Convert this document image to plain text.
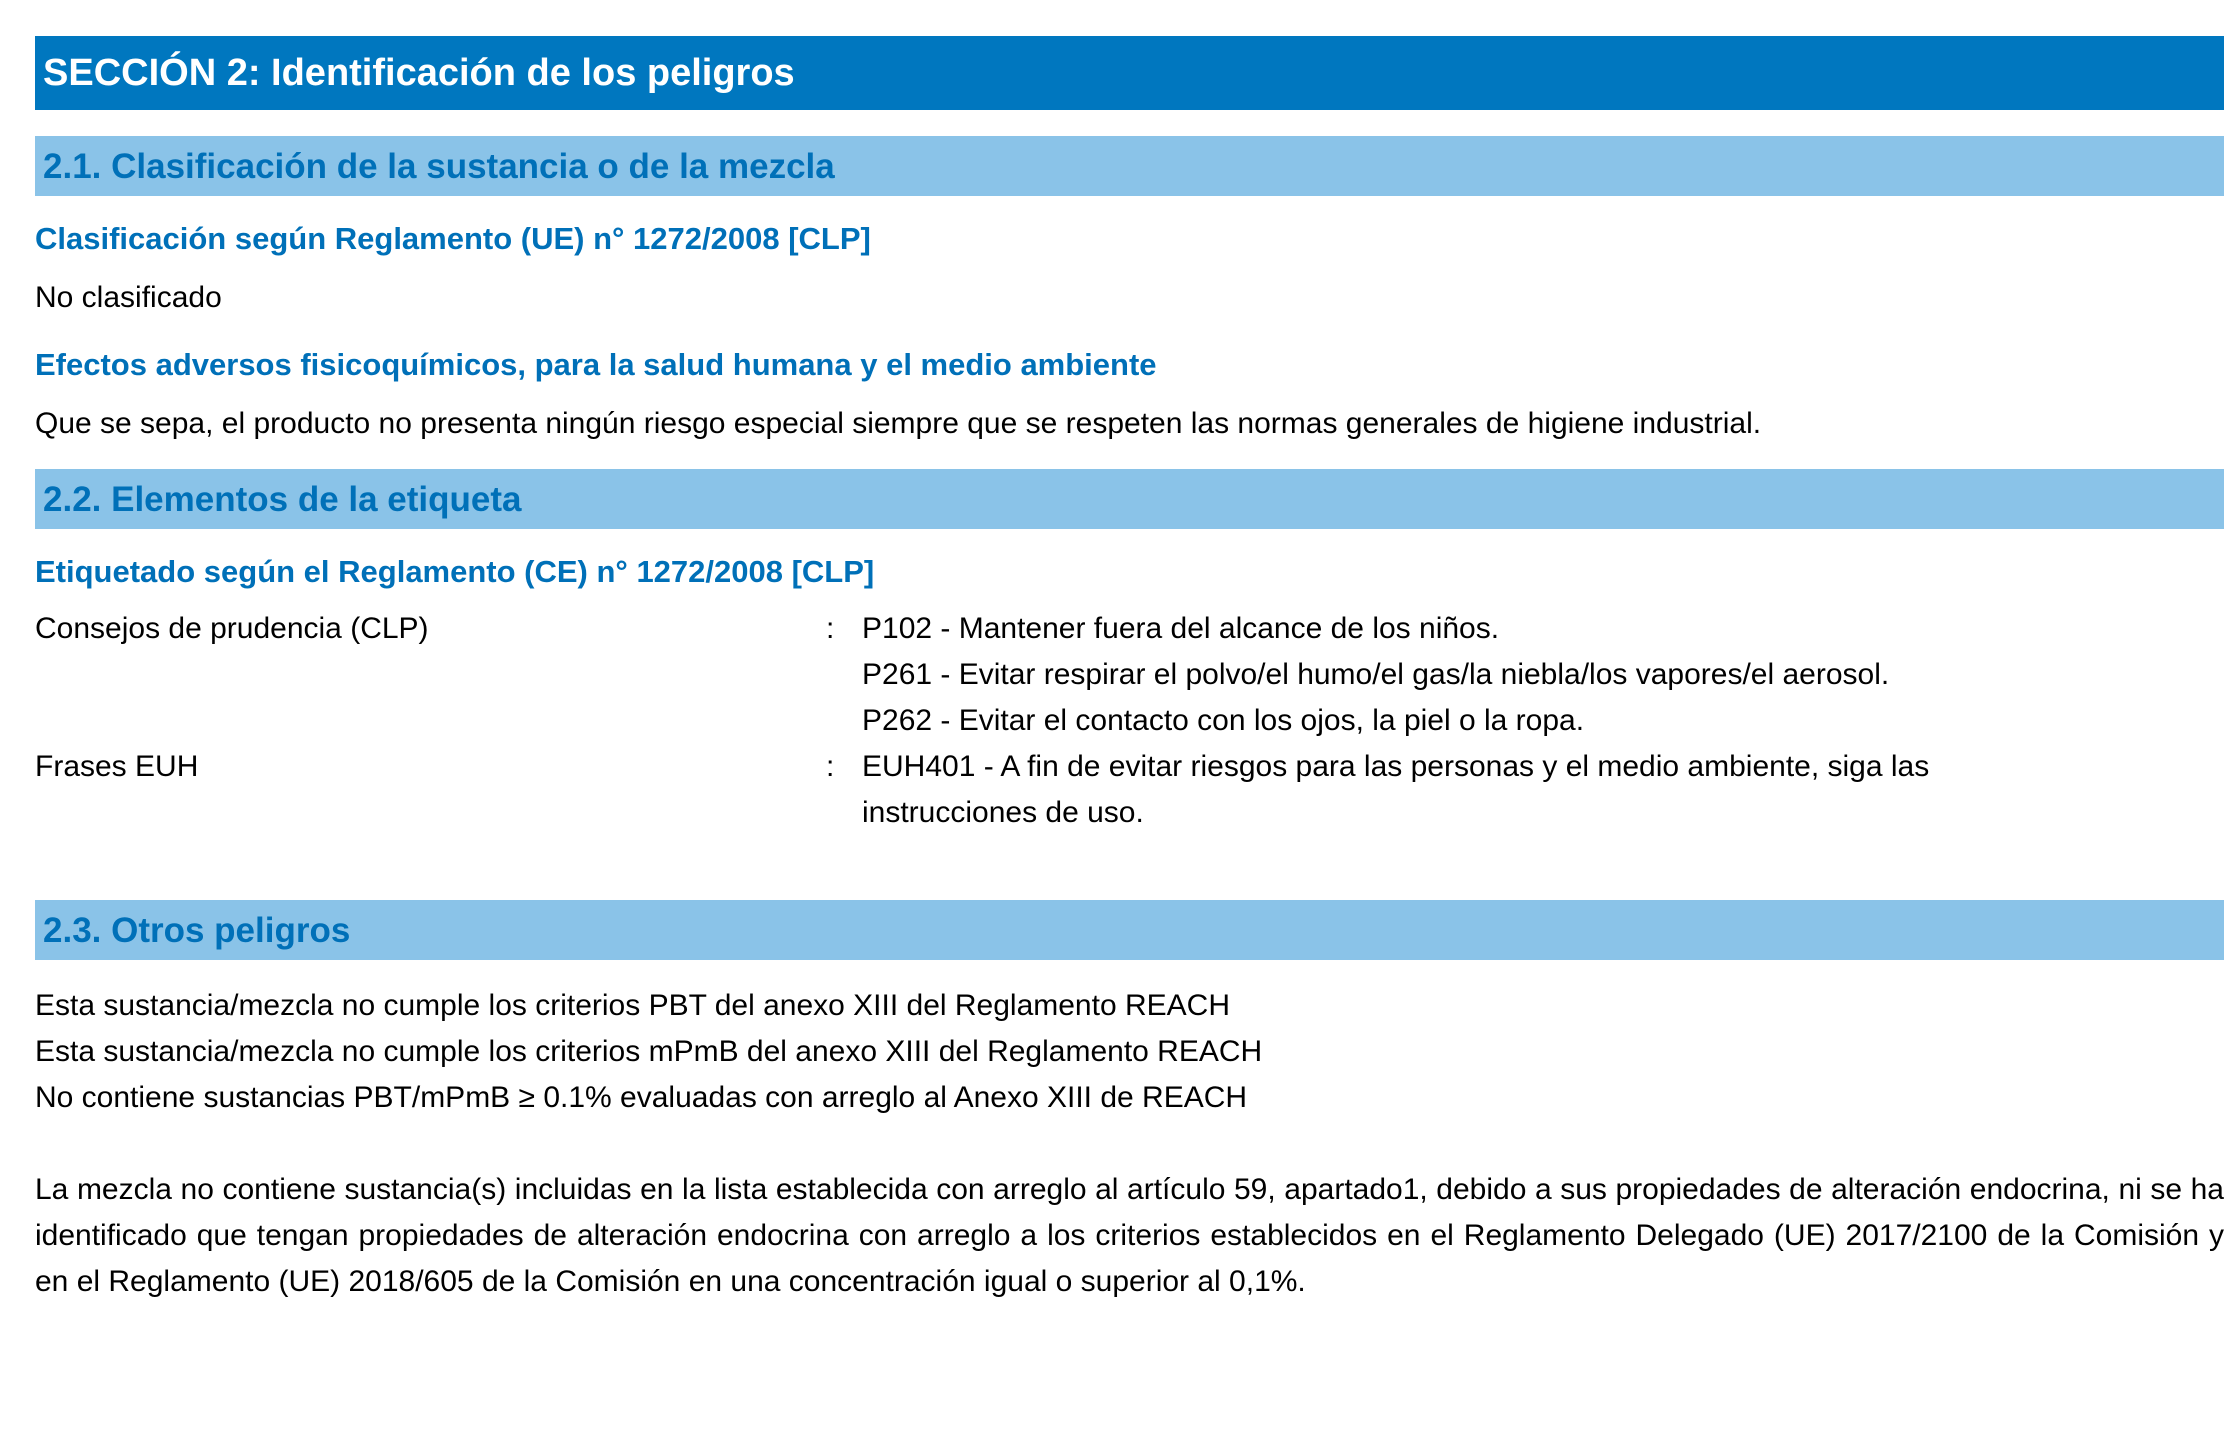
SECCIÓN 2: Identificación de los peligros
2.1. Clasificación de la sustancia o de la mezcla
Clasificación según Reglamento (UE) n° 1272/2008 [CLP]
No clasificado
Efectos adversos fisicoquímicos, para la salud humana y el medio ambiente
Que se sepa, el producto no presenta ningún riesgo especial siempre que se respeten las normas generales de higiene industrial.
2.2. Elementos de la etiqueta
Etiquetado según el Reglamento (CE) n° 1272/2008 [CLP]
Consejos de prudencia (CLP)	: P102 - Mantener fuera del alcance de los niños.
P261 - Evitar respirar el polvo/el humo/el gas/la niebla/los vapores/el aerosol.
P262 - Evitar el contacto con los ojos, la piel o la ropa.
Frases EUH	: EUH401 - A fin de evitar riesgos para las personas y el medio ambiente, siga las
instrucciones de uso.
2.3. Otros peligros
Esta sustancia/mezcla no cumple los criterios PBT del anexo XIII del Reglamento REACH
Esta sustancia/mezcla no cumple los criterios mPmB del anexo XIII del Reglamento REACH
No contiene sustancias PBT/mPmB ≥ 0.1% evaluadas con arreglo al Anexo XIII de REACH
La mezcla no contiene sustancia(s) incluidas en la lista establecida con arreglo al artículo 59, apartado1, debido a sus propiedades de alteración endocrina, ni se ha identificado que tengan propiedades de alteración endocrina con arreglo a los criterios establecidos en el Reglamento Delegado (UE) 2017/2100 de la Comisión y en el Reglamento (UE) 2018/605 de la Comisión en una concentración igual o superior al 0,1%.
